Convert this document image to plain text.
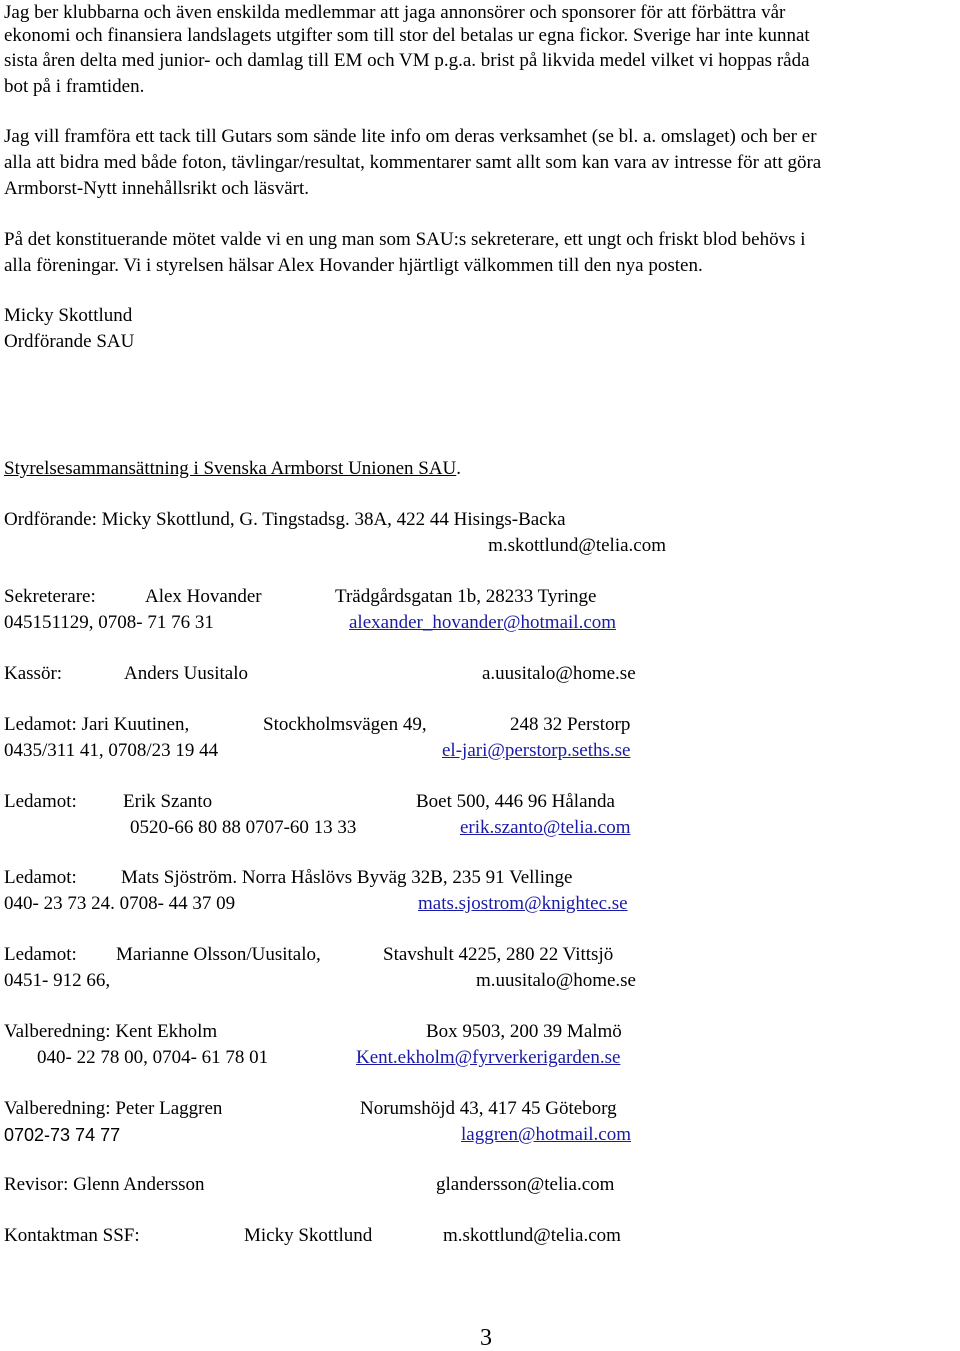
Jag ber klubbarna och även enskilda medlemmar att jaga annonsörer och sponsorer för att förbättra vår
ekonomi och finansiera landslagets utgifter som till stor del betalas ur egna fickor. Sverige har inte kunnat
sista åren delta med junior- och damlag till EM och VM p.g.a. brist på likvida medel vilket vi hoppas råda
bot på i framtiden.
Jag vill framföra ett tack till Gutars som sände lite info om deras verksamhet (se bl. a. omslaget) och ber er
alla att bidra med både foton, tävlingar/resultat, kommentarer samt allt som kan vara av intresse för att göra
Armborst-Nytt innehållsrikt och läsvärt.
På det konstituerande mötet valde vi en ung man som SAU:s sekreterare, ett ungt och friskt blod behövs i
alla föreningar. Vi i styrelsen hälsar Alex Hovander hjärtligt välkommen till den nya posten.
Micky Skottlund
Ordförande SAU
Styrelsesammansättning i Svenska Armborst Unionen SAU.
Ordförande: Micky Skottlund, G. Tingstadsg. 38A, 422 44 Hisings-Backa
m.skottlund@telia.com
Sekreterare:	Alex Hovander	Trädgårdsgatan 1b, 28233 Tyringe
045151129, 0708- 71 76 31	alexander_hovander@hotmail.com
Kassör:	Anders Uusitalo	a.uusitalo@home.se
Ledamot: Jari Kuutinen,	Stockholmsvägen 49,	248 32 Perstorp
0435/311 41, 0708/23 19 44	el-jari@perstorp.seths.se
Ledamot: Erik Szanto	Boet 500, 446 96 Hålanda
0520-66 80 88 0707-60 13 33	erik.szanto@telia.com
Ledamot: Mats Sjöström. Norra Håslövs Byväg 32B, 235 91 Vellinge
040- 23 73 24. 0708- 44 37 09	mats.sjostrom@knightec.se
Ledamot: Marianne Olsson/Uusitalo,	Stavshult 4225, 280 22 Vittsjö
0451- 912 66,	m.uusitalo@home.se
Valberedning: Kent Ekholm	Box 9503, 200 39 Malmö
040- 22 78 00, 0704- 61 78 01	Kent.ekholm@fyrverkerigarden.se
Valberedning: Peter Laggren	Norumshöjd 43, 417 45 Göteborg
0702-73 74 77	laggren@hotmail.com
Revisor: Glenn Andersson	glandersson@telia.com
Kontaktman SSF:	Micky Skottlund	m.skottlund@telia.com
3
